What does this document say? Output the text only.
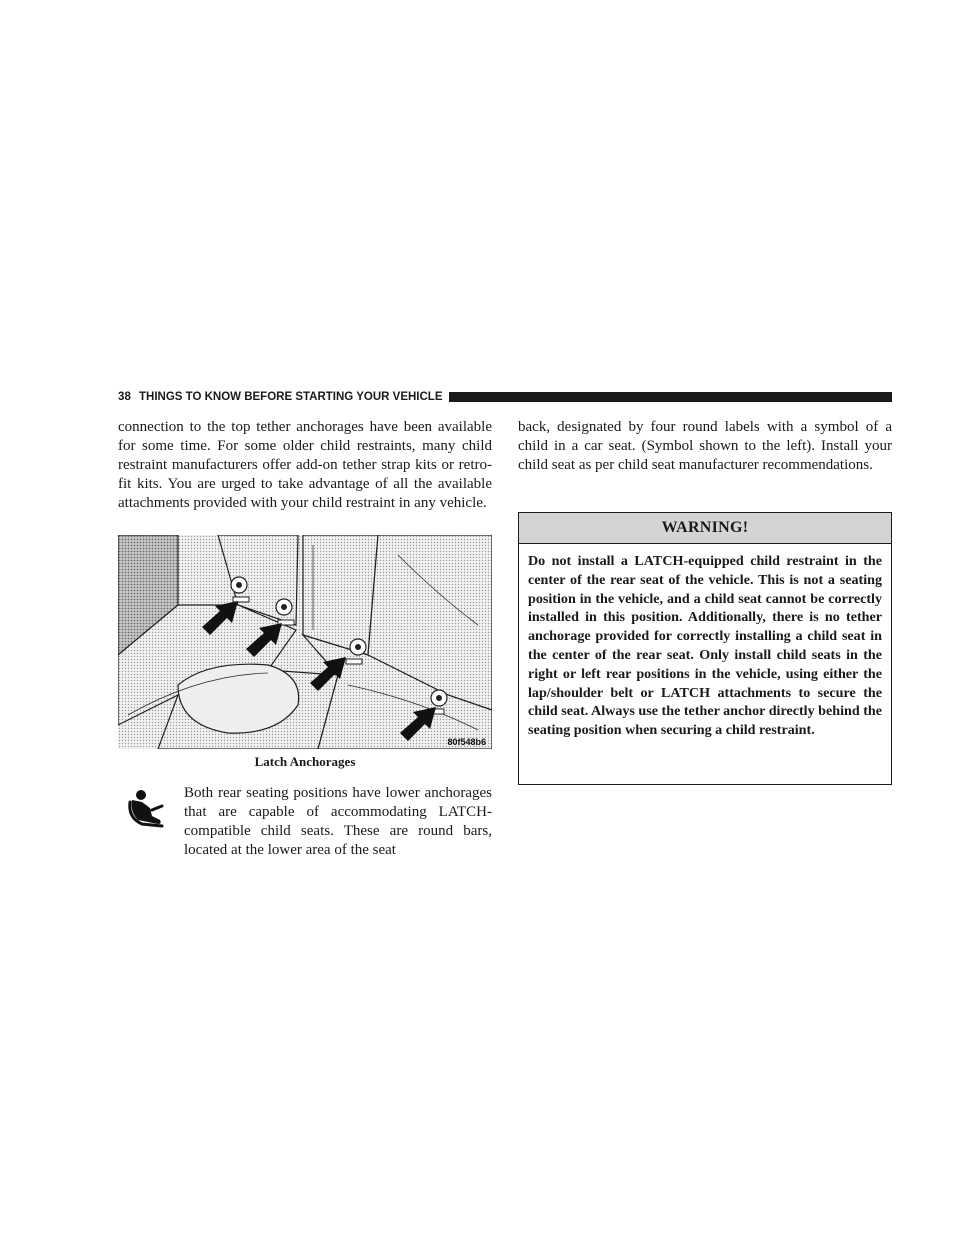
38 THINGS TO KNOW BEFORE STARTING YOUR VEHICLE

connection to the top tether anchorages have been available for some time. For some older child restraints, many child restraint manufacturers offer add-on tether strap kits or retro-fit kits. You are urged to take advantage of all the available attachments provided with your child restraint in any vehicle.

80f548b6
Latch Anchorages
Both rear seating positions have lower anchorages that are capable of accommodating LATCH-compatible child seats. These are round bars, located at the lower area of the seat

back, designated by four round labels with a symbol of a child in a car seat. (Symbol shown to the left). Install your child seat as per child seat manufacturer recommendations.

WARNING!
Do not install a LATCH-equipped child restraint in the center of the rear seat of the vehicle. This is not a seating position in the vehicle, and a child seat cannot be correctly installed in this position. Additionally, there is no tether anchorage provided for correctly installing a child seat in the center of the rear seat. Only install child seats in the right or left rear positions in the vehicle, using either the lap/shoulder belt or LATCH attachments to secure the child seat. Always use the tether anchor directly behind the seating position when securing a child restraint.
